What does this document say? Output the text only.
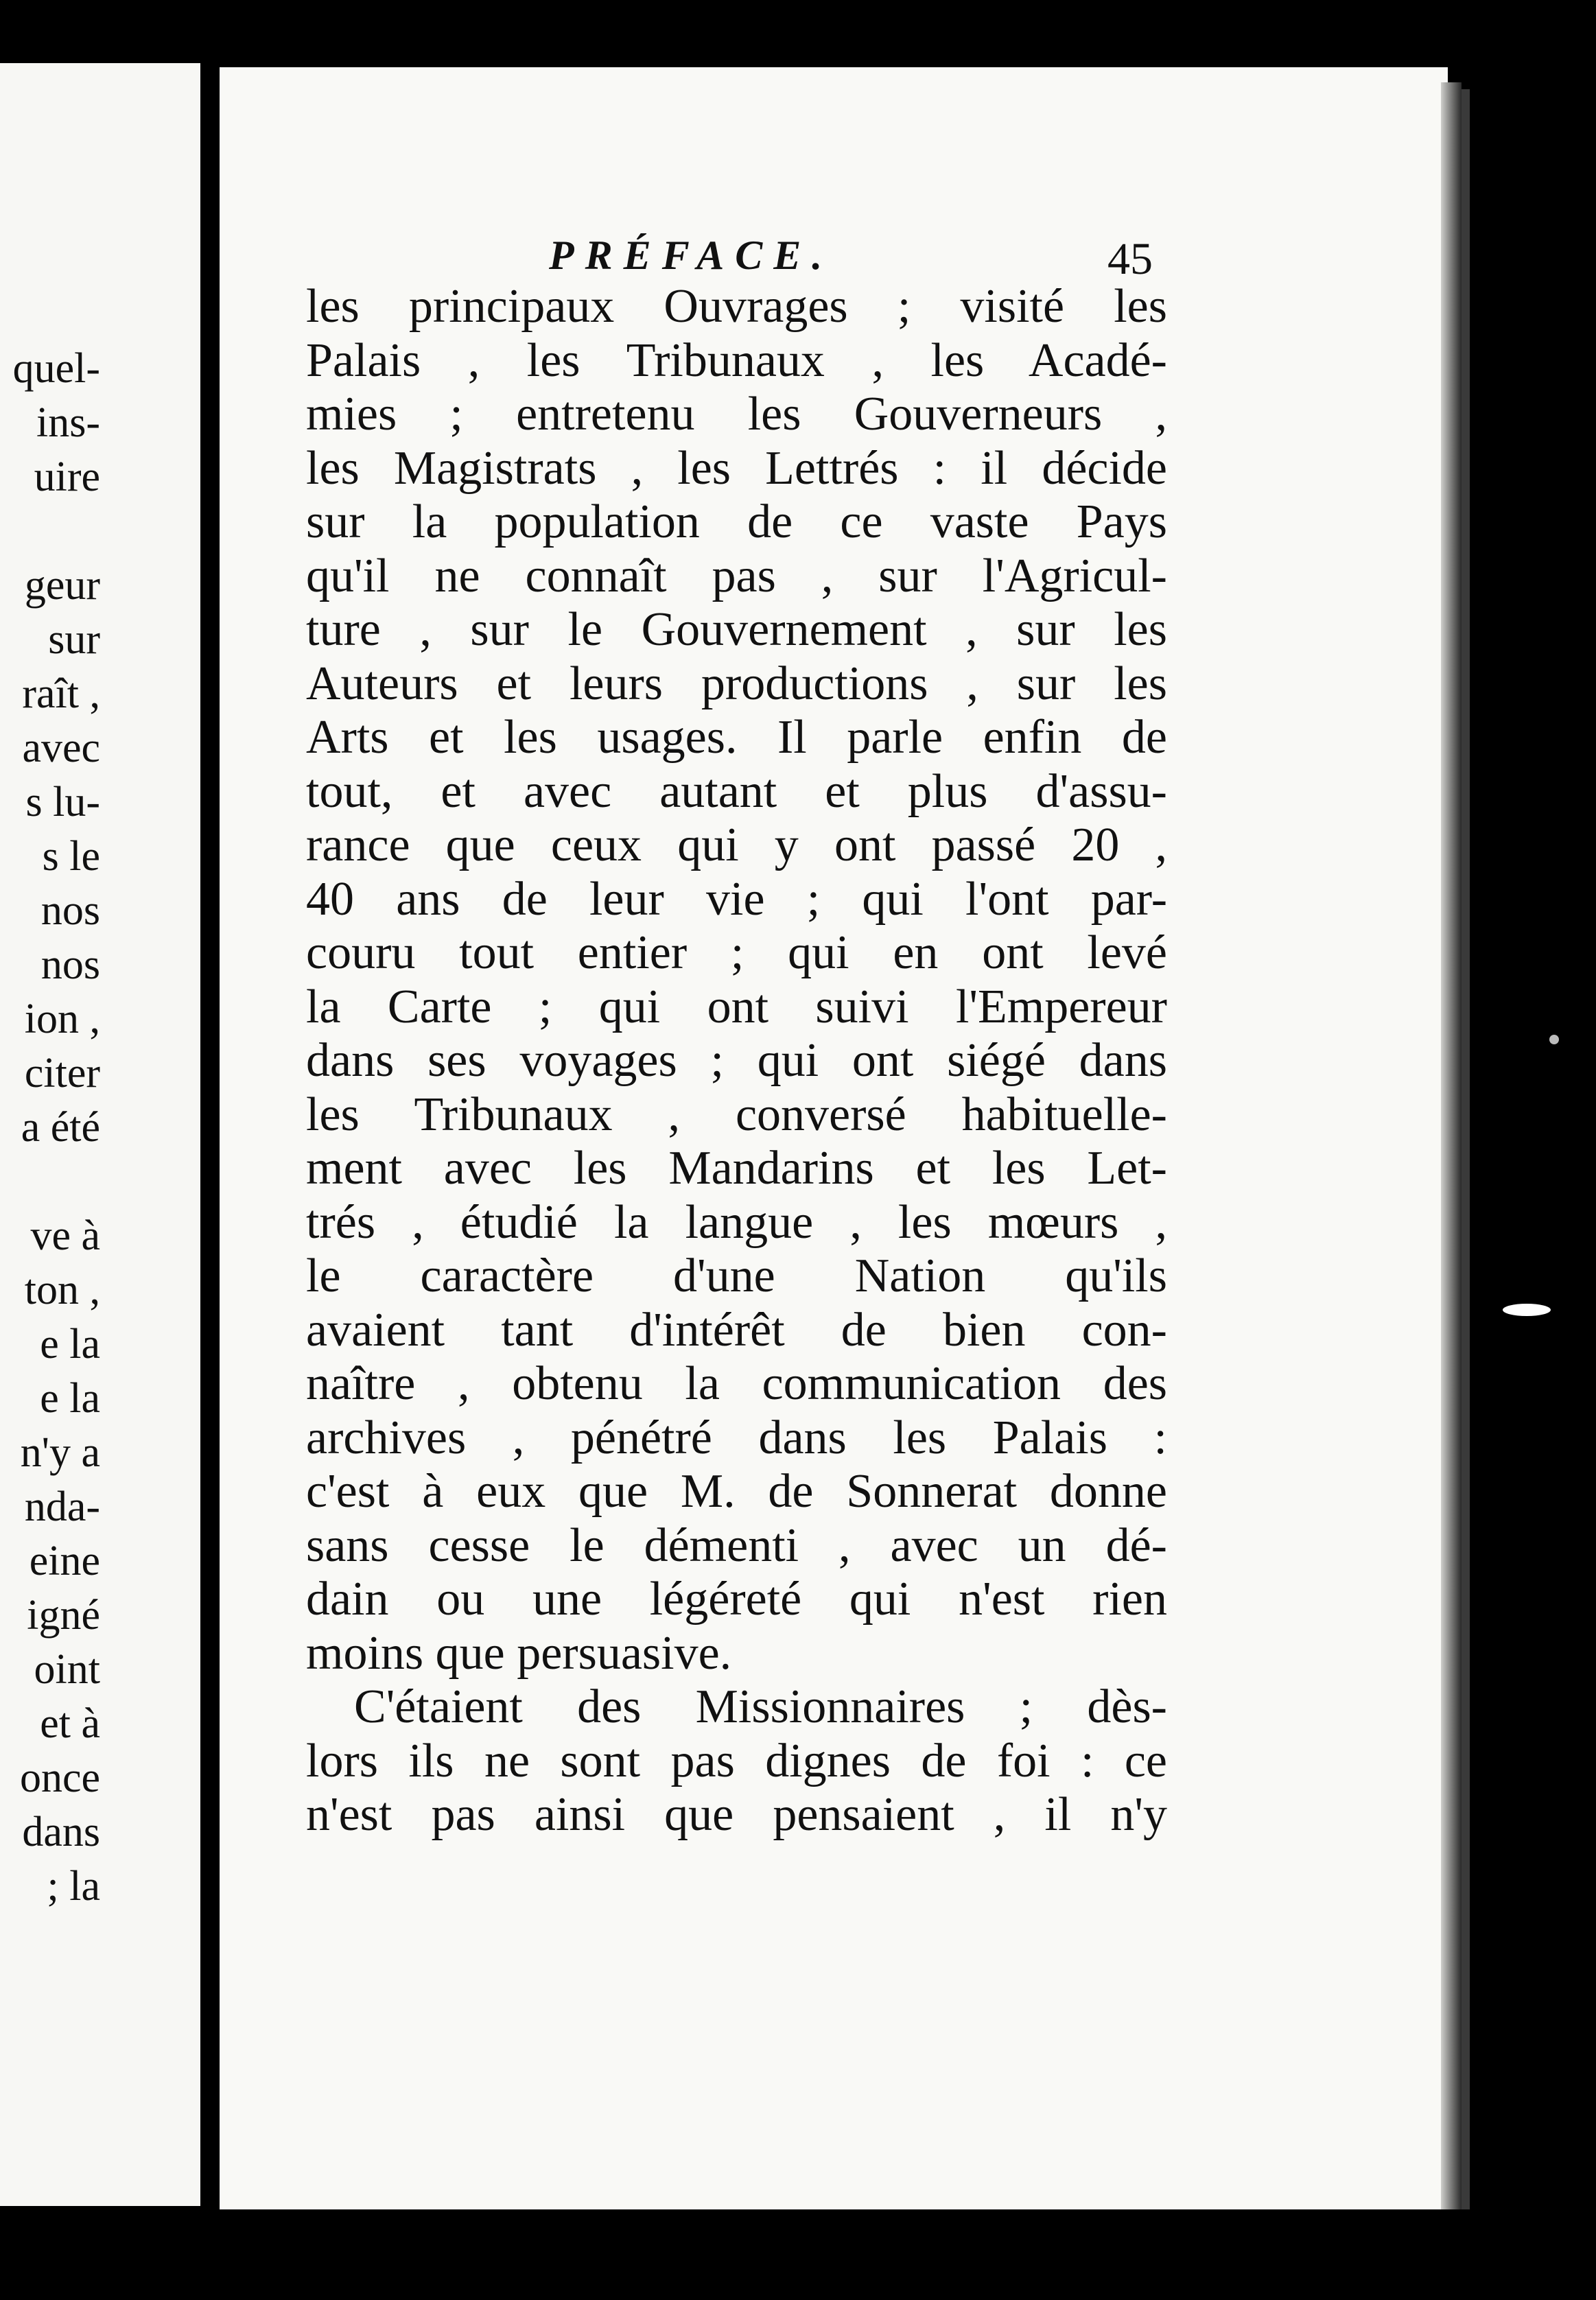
quel-
ins-
uire

geur
sur
raît ,
avec
s lu-
s le
nos
nos
ion ,
citer
a été

ve à
ton ,
e la
e la
n'y a
nda-
eine
igné
oint
et à
once
dans
; la
PRÉFACE.	45
les principaux Ouvrages ; visité les
Palais , les Tribunaux , les Acadé-
mies ; entretenu les Gouverneurs ,
les Magistrats , les Lettrés : il décide
sur la population de ce vaste Pays
qu'il ne connaît pas , sur l'Agricul-
ture , sur le Gouvernement , sur les
Auteurs et leurs productions , sur les
Arts et les usages. Il parle enfin de
tout, et avec autant et plus d'assu-
rance que ceux qui y ont passé 20 ,
40 ans de leur vie ; qui l'ont par-
couru tout entier ; qui en ont levé
la Carte ; qui ont suivi l'Empereur
dans ses voyages ; qui ont siégé dans
les Tribunaux , conversé habituelle-
ment avec les Mandarins et les Let-
trés , étudié la langue , les mœurs ,
le caractère d'une Nation qu'ils
avaient tant d'intérêt de bien con-
naître , obtenu la communication des
archives , pénétré dans les Palais :
c'est à eux que M. de Sonnerat donne
sans cesse le démenti , avec un dé-
dain ou une légéreté qui n'est rien
moins que persuasive.
C'étaient des Missionnaires ; dès-
lors ils ne sont pas dignes de foi : ce
n'est pas ainsi que pensaient , il n'y
